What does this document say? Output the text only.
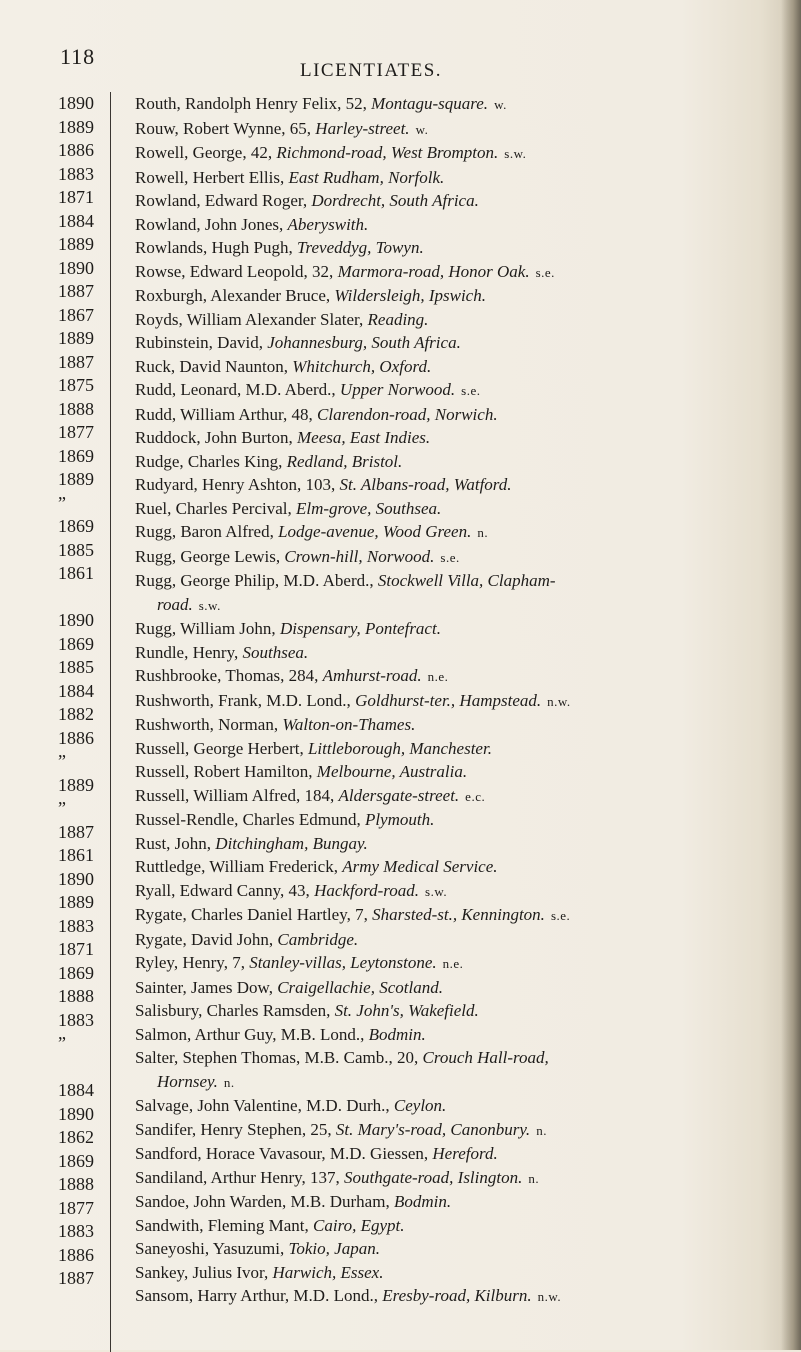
118
LICENTIATES.
1890
1889
1886
1883
1871
1884
1889
1890
1887
1867
1889
1887
1875
1888
1877
1869
1889
”
1869
1885
1861
1890
1869
1885
1884
1882
1886
”
1889
”
1887
1861
1890
1889
1883
1871
1869
1888
1883
”
1884
1890
1862
1869
1888
1877
1883
1886
1887
Routh, Randolph Henry Felix, 52, Montagu-square. w.
Rouw, Robert Wynne, 65, Harley-street. w.
Rowell, George, 42, Richmond-road, West Brompton. s.w.
Rowell, Herbert Ellis, East Rudham, Norfolk.
Rowland, Edward Roger, Dordrecht, South Africa.
Rowland, John Jones, Aberyswith.
Rowlands, Hugh Pugh, Treveddyg, Towyn.
Rowse, Edward Leopold, 32, Marmora-road, Honor Oak. s.e.
Roxburgh, Alexander Bruce, Wildersleigh, Ipswich.
Royds, William Alexander Slater, Reading.
Rubinstein, David, Johannesburg, South Africa.
Ruck, David Naunton, Whitchurch, Oxford.
Rudd, Leonard, M.D. Aberd., Upper Norwood. s.e.
Rudd, William Arthur, 48, Clarendon-road, Norwich.
Ruddock, John Burton, Meesa, East Indies.
Rudge, Charles King, Redland, Bristol.
Rudyard, Henry Ashton, 103, St. Albans-road, Watford.
Ruel, Charles Percival, Elm-grove, Southsea.
Rugg, Baron Alfred, Lodge-avenue, Wood Green. n.
Rugg, George Lewis, Crown-hill, Norwood. s.e.
Rugg, George Philip, M.D. Aberd., Stockwell Villa, Clapham-
road. s.w.
Rugg, William John, Dispensary, Pontefract.
Rundle, Henry, Southsea.
Rushbrooke, Thomas, 284, Amhurst-road. n.e.
Rushworth, Frank, M.D. Lond., Goldhurst-ter., Hampstead. n.w.
Rushworth, Norman, Walton-on-Thames.
Russell, George Herbert, Littleborough, Manchester.
Russell, Robert Hamilton, Melbourne, Australia.
Russell, William Alfred, 184, Aldersgate-street. e.c.
Russel-Rendle, Charles Edmund, Plymouth.
Rust, John, Ditchingham, Bungay.
Ruttledge, William Frederick, Army Medical Service.
Ryall, Edward Canny, 43, Hackford-road. s.w.
Rygate, Charles Daniel Hartley, 7, Sharsted-st., Kennington. s.e.
Rygate, David John, Cambridge.
Ryley, Henry, 7, Stanley-villas, Leytonstone. n.e.
Sainter, James Dow, Craigellachie, Scotland.
Salisbury, Charles Ramsden, St. John's, Wakefield.
Salmon, Arthur Guy, M.B. Lond., Bodmin.
Salter, Stephen Thomas, M.B. Camb., 20, Crouch Hall-road,
Hornsey. n.
Salvage, John Valentine, M.D. Durh., Ceylon.
Sandifer, Henry Stephen, 25, St. Mary's-road, Canonbury. n.
Sandford, Horace Vavasour, M.D. Giessen, Hereford.
Sandiland, Arthur Henry, 137, Southgate-road, Islington. n.
Sandoe, John Warden, M.B. Durham, Bodmin.
Sandwith, Fleming Mant, Cairo, Egypt.
Saneyoshi, Yasuzumi, Tokio, Japan.
Sankey, Julius Ivor, Harwich, Essex.
Sansom, Harry Arthur, M.D. Lond., Eresby-road, Kilburn. n.w.
